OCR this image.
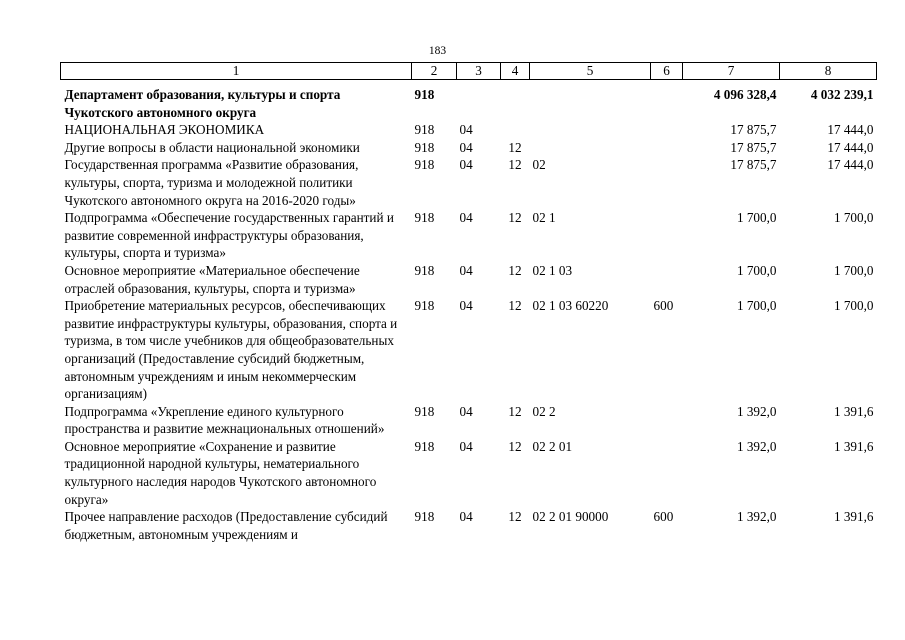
183
1	2	3	4	5	6	7	8
Департамент образования, культуры и спорта Чукотского автономного округа	918					4 096 328,4	4 032 239,1
НАЦИОНАЛЬНАЯ ЭКОНОМИКА	918	04				17 875,7	17 444,0
Другие вопросы в области национальной экономики	918	04	12			17 875,7	17 444,0
Государственная программа «Развитие образования, культуры, спорта, туризма и молодежной политики Чукотского автономного округа на 2016-2020 годы»	918	04	12	02		17 875,7	17 444,0
Подпрограмма «Обеспечение государственных гарантий и развитие современной инфраструктуры образования, культуры, спорта и туризма»	918	04	12	02 1		1 700,0	1 700,0
Основное мероприятие «Материальное обеспечение отраслей образования, культуры, спорта и туризма»	918	04	12	02 1 03		1 700,0	1 700,0
Приобретение материальных ресурсов, обеспечивающих развитие инфраструктуры культуры, образования, спорта и туризма, в том числе учебников для общеобразовательных организаций (Предоставление субсидий бюджетным, автономным учреждениям и иным некоммерческим организациям)	918	04	12	02 1 03 60220	600	1 700,0	1 700,0
Подпрограмма «Укрепление единого культурного пространства и развитие межнациональных отношений»	918	04	12	02 2		1 392,0	1 391,6
Основное мероприятие «Сохранение и развитие традиционной народной культуры, нематериального культурного наследия народов Чукотского автономного округа»	918	04	12	02 2 01		1 392,0	1 391,6
Прочее направление расходов (Предоставление субсидий бюджетным, автономным учреждениям и	918	04	12	02 2 01 90000	600	1 392,0	1 391,6
